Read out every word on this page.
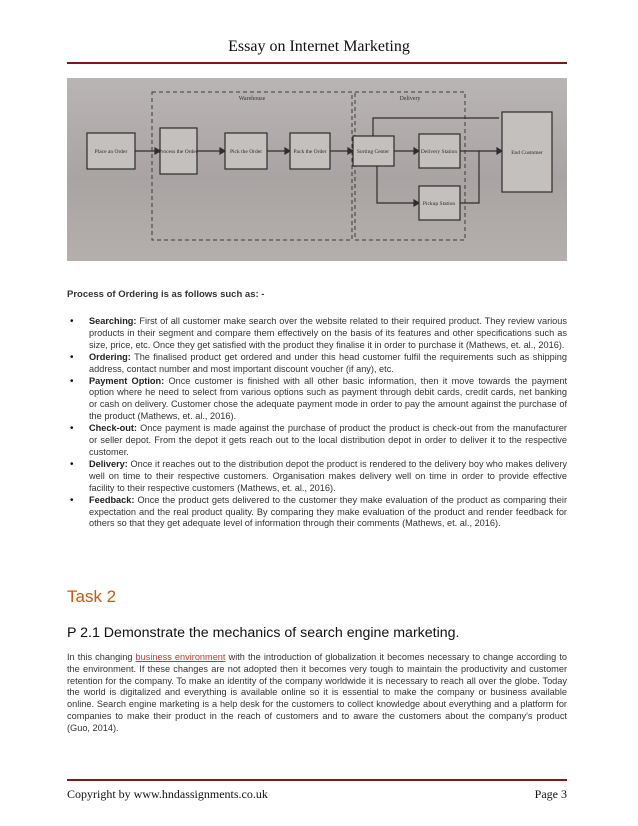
Essay on Internet Marketing
Warehouse	Delivery
Place an Order	Process the Order	Pick the Order	Pack the Order	Sorting Center	Delivery Station
Pickup Station
End Customer
Process of Ordering is as follows such as: -
• Searching: First of all customer make search over the website related to their required product. They review various products in their segment and compare them effectively on the basis of its features and other specifications such as size, price, etc. Once they get satisfied with the product they finalise it in order to purchase it (Mathews, et. al., 2016).
• Ordering: The finalised product get ordered and under this head customer fulfil the requirements such as shipping address, contact number and most important discount voucher (if any), etc.
• Payment Option: Once customer is finished with all other basic information, then it move towards the payment option where he need to select from various options such as payment through debit cards, credit cards, net banking or cash on delivery. Customer chose the adequate payment mode in order to pay the amount against the purchase of the product (Mathews, et. al., 2016).
• Check-out: Once payment is made against the purchase of product the product is check-out from the manufacturer or seller depot. From the depot it gets reach out to the local distribution depot in order to deliver it to the respective customer.
• Delivery: Once it reaches out to the distribution depot the product is rendered to the delivery boy who makes delivery well on time to their respective customers. Organisation makes delivery well on time in order to provide effective facility to their respective customers (Mathews, et. al., 2016).
• Feedback: Once the product gets delivered to the customer they make evaluation of the product as comparing their expectation and the real product quality. By comparing they make evaluation of the product and render feedback for others so that they get adequate level of information through their comments (Mathews, et. al., 2016).
Task 2
P 2.1 Demonstrate the mechanics of search engine marketing.

In this changing business environment with the introduction of globalization it becomes necessary to change according to the environment. If these changes are not adopted then it becomes very tough to maintain the productivity and customer retention for the company. To make an identity of the company worldwide it is necessary to reach all over the globe. Today the world is digitalized and everything is available online so it is essential to make the company or business available online. Search engine marketing is a help desk for the customers to collect knowledge about everything and a platform for companies to make their product in the reach of customers and to aware the customers about the company's product (Guo, 2014).

Copyright by www.hndassignments.co.uk	Page 3
